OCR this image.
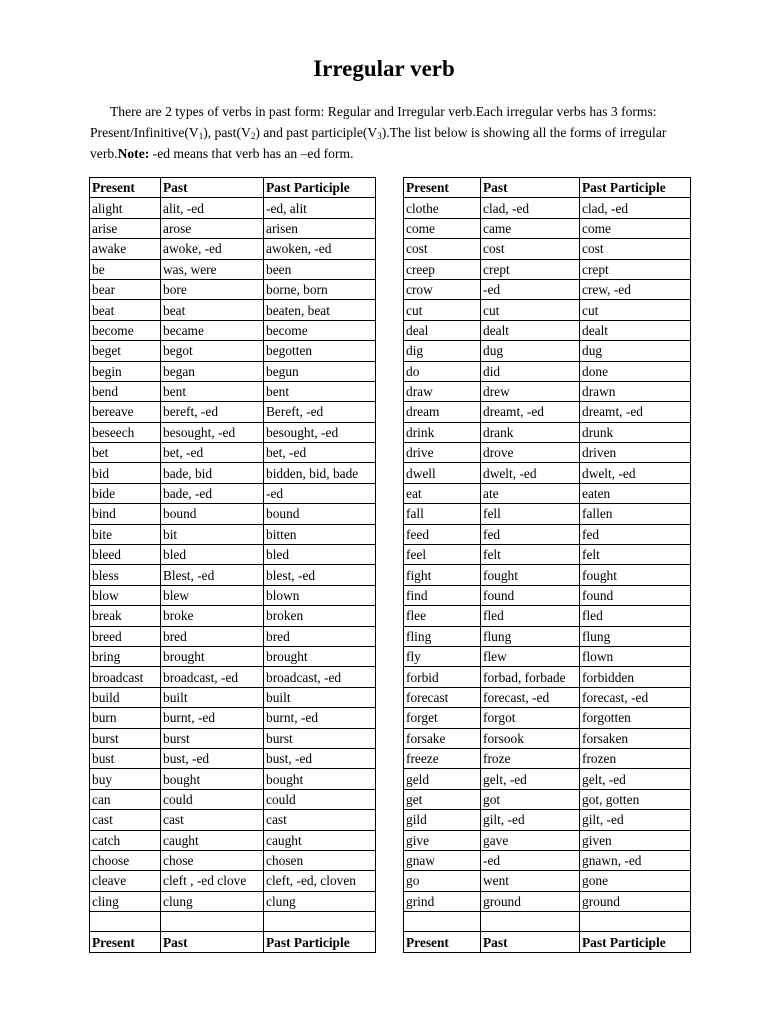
Irregular verb
There are 2 types of verbs in past form: Regular and Irregular verb.Each irregular verbs has 3 forms: Present/$Infinitive(V_1)$, $past(V_2)$ and past $participle(V_3).The$ list below is showing all the forms of irregular verb.Note: -ed means that verb has an –ed form.
Present	Past	Past Participle
alight	alit, -ed	-ed, alit
arise	arose	arisen
awake	awoke, -ed	awoken, -ed
be	was, were	been
bear	bore	borne, born
beat	beat	beaten, beat
become	became	become
beget	begot	begotten
begin	began	begun
bend	bent	bent
bereave	bereft, -ed	Bereft, -ed
beseech	besought, -ed	besought, -ed
bet	bet, -ed	bet, -ed
bid	bade, bid	bidden, bid, bade
bide	bade, -ed	-ed
bind	bound	bound
bite	bit	bitten
bleed	bled	bled
bless	Blest, -ed	blest, -ed
blow	blew	blown
break	broke	broken
breed	bred	bred
bring	brought	brought
broadcast	broadcast, -ed	broadcast, -ed
build	built	built
burn	burnt, -ed	burnt, -ed
burst	burst	burst
bust	bust, -ed	bust, -ed
buy	bought	bought
can	could	could
cast	cast	cast
catch	caught	caught
choose	chose	chosen
cleave	cleft , -ed clove	cleft, -ed, cloven
cling	clung	clung

Present	Past	Past Participle
Present	Past	Past Participle
clothe	clad, -ed	clad, -ed
come	came	come
cost	cost	cost
creep	crept	crept
crow	-ed	crew, -ed
cut	cut	cut
deal	dealt	dealt
dig	dug	dug
do	did	done
draw	drew	drawn
dream	dreamt, -ed	dreamt, -ed
drink	drank	drunk
drive	drove	driven
dwell	dwelt, -ed	dwelt, -ed
eat	ate	eaten
fall	fell	fallen
feed	fed	fed
feel	felt	felt
fight	fought	fought
find	found	found
flee	fled	fled
fling	flung	flung
fly	flew	flown
forbid	forbad, forbade	forbidden
forecast	forecast, -ed	forecast, -ed
forget	forgot	forgotten
forsake	forsook	forsaken
freeze	froze	frozen
geld	gelt, -ed	gelt, -ed
get	got	got, gotten
gild	gilt, -ed	gilt, -ed
give	gave	given
gnaw	-ed	gnawn, -ed
go	went	gone
grind	ground	ground

Present	Past	Past Participle
